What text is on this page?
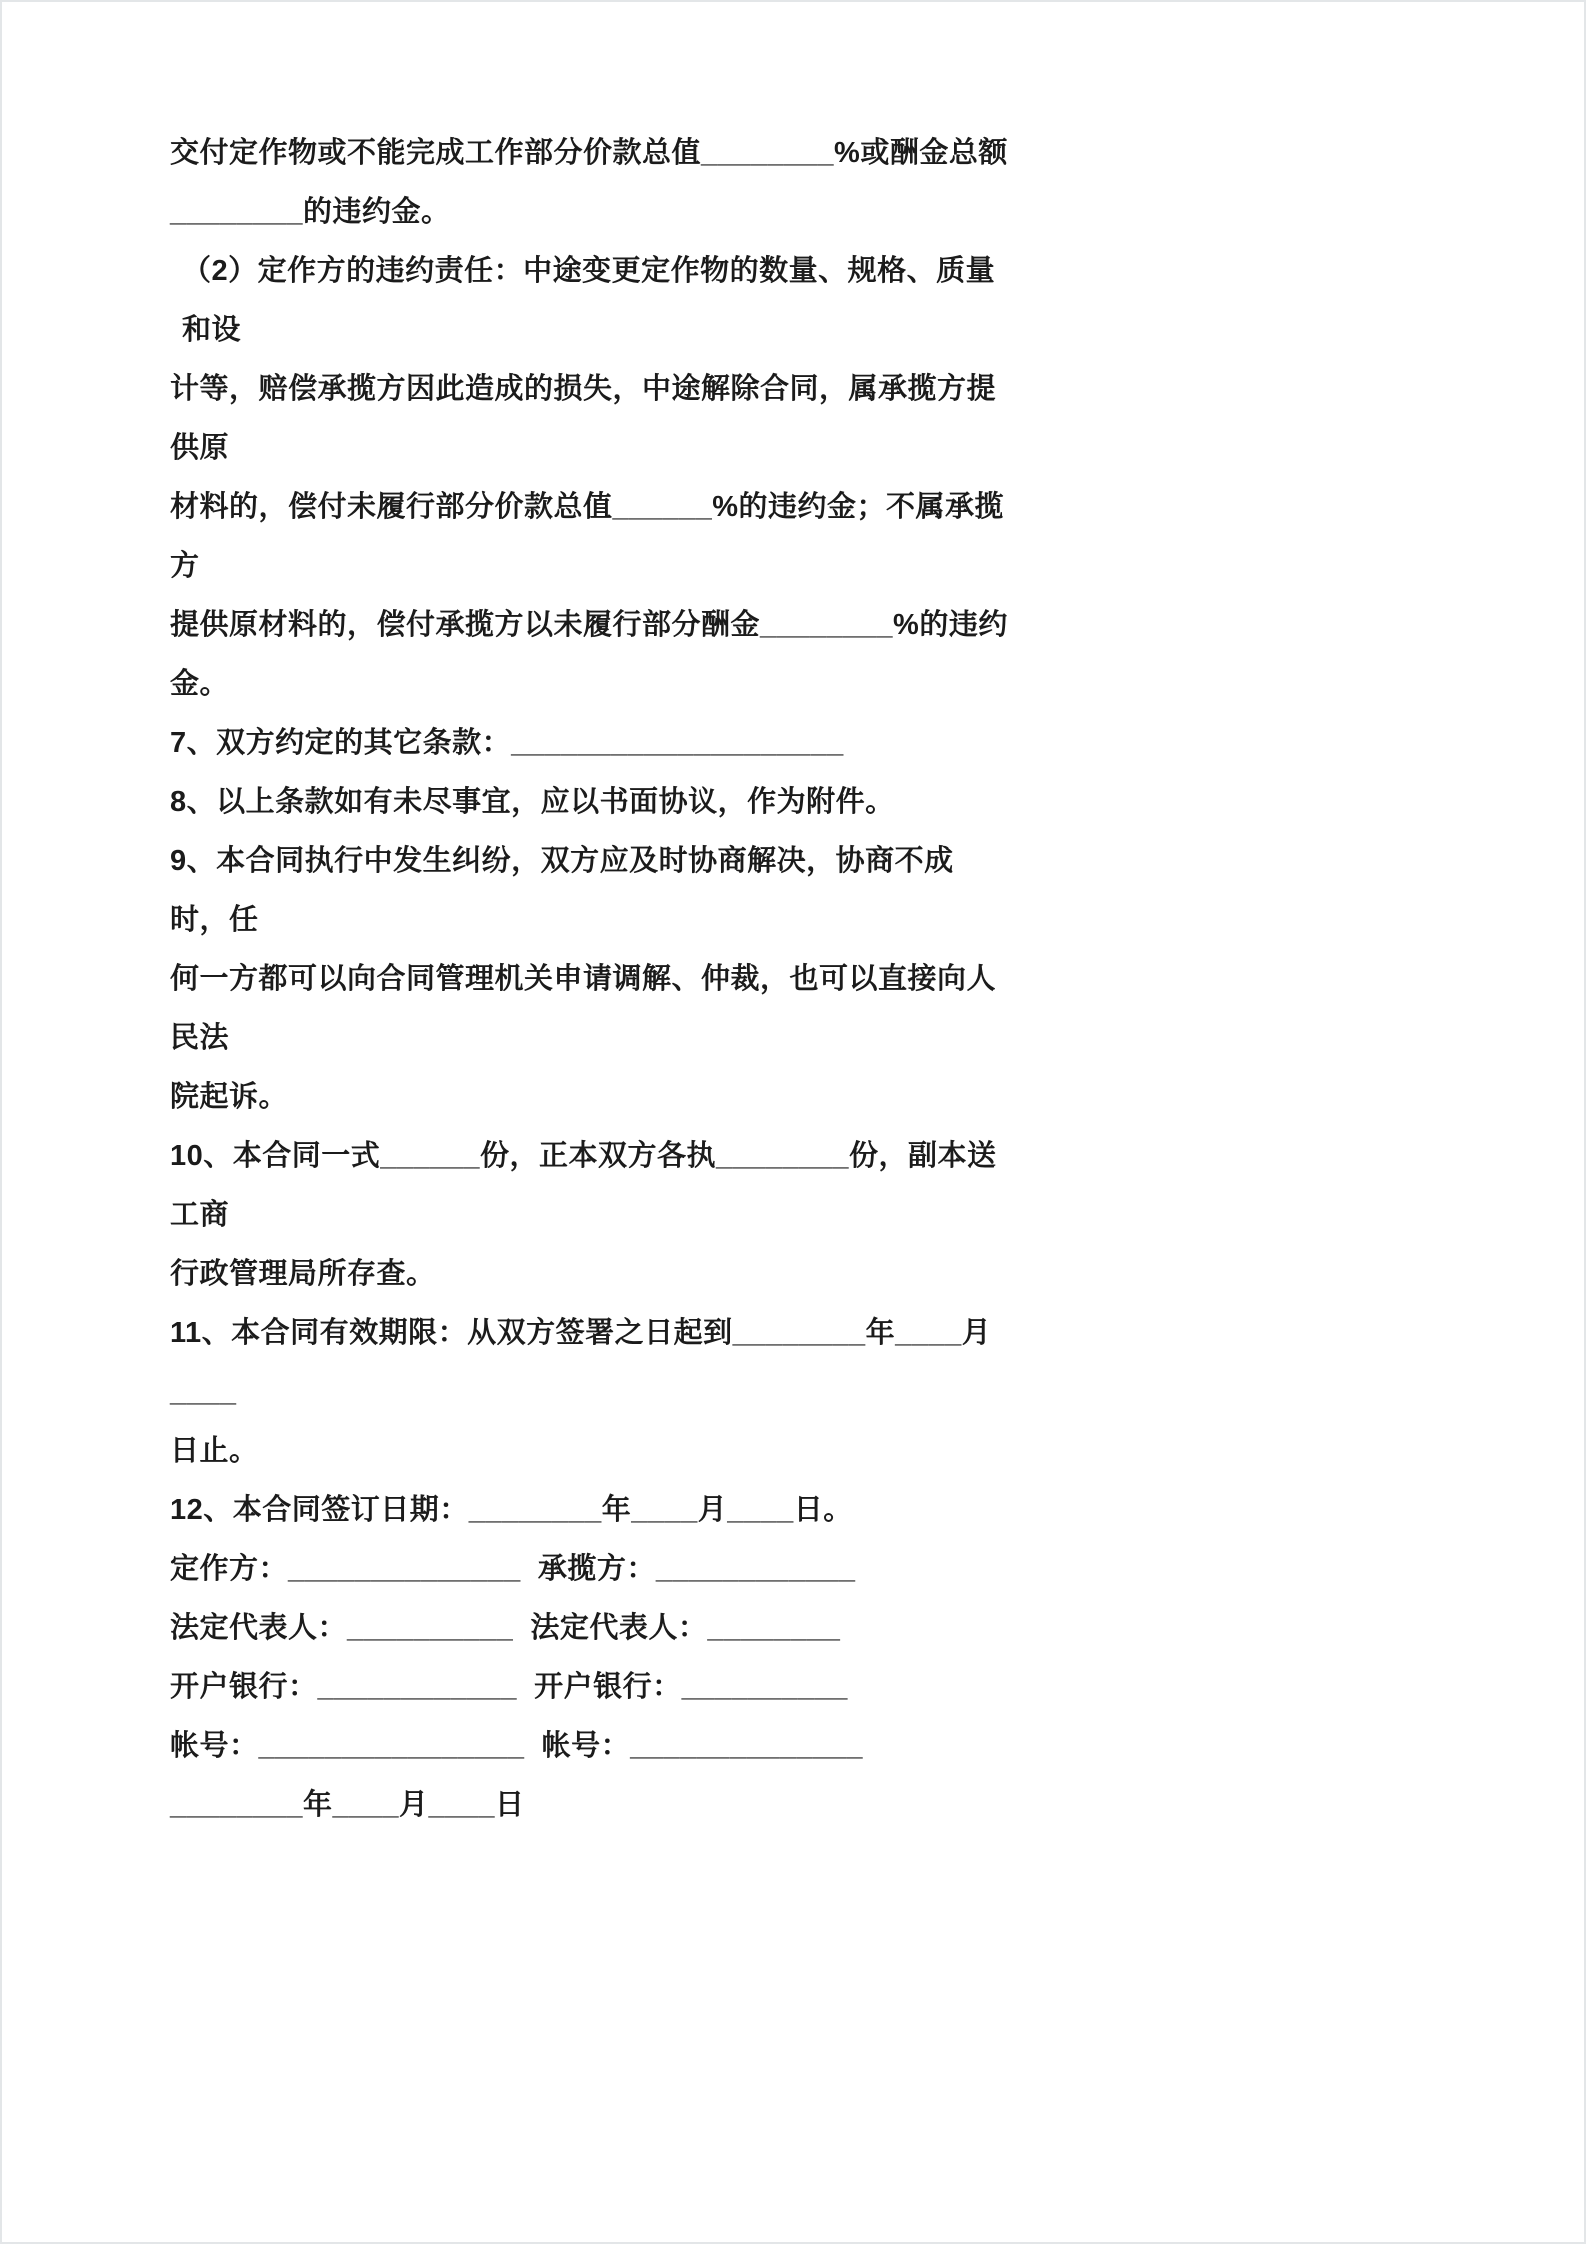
交付定作物或不能完成工作部分价款总值________%或酬金总额
________的违约金。
（2）定作方的违约责任：中途变更定作物的数量、规格、质量和设
计等，赔偿承揽方因此造成的损失，中途解除合同，属承揽方提供原
材料的，偿付未履行部分价款总值______%的违约金；不属承揽方
提供原材料的，偿付承揽方以未履行部分酬金________%的违约金。
7、双方约定的其它条款：____________________
8、以上条款如有未尽事宜，应以书面协议，作为附件。
9、本合同执行中发生纠纷，双方应及时协商解决，协商不成时，任
何一方都可以向合同管理机关申请调解、仲裁，也可以直接向人民法
院起诉。
10、本合同一式______份，正本双方各执________份，副本送工商
行政管理局所存查。
11、本合同有效期限：从双方签署之日起到________年____月____
日止。
12、本合同签订日期：________年____月____日。
定作方：______________  承揽方：____________
法定代表人：__________  法定代表人：________
开户银行：____________  开户银行：__________
帐号：________________  帐号：______________
________年____月____日
